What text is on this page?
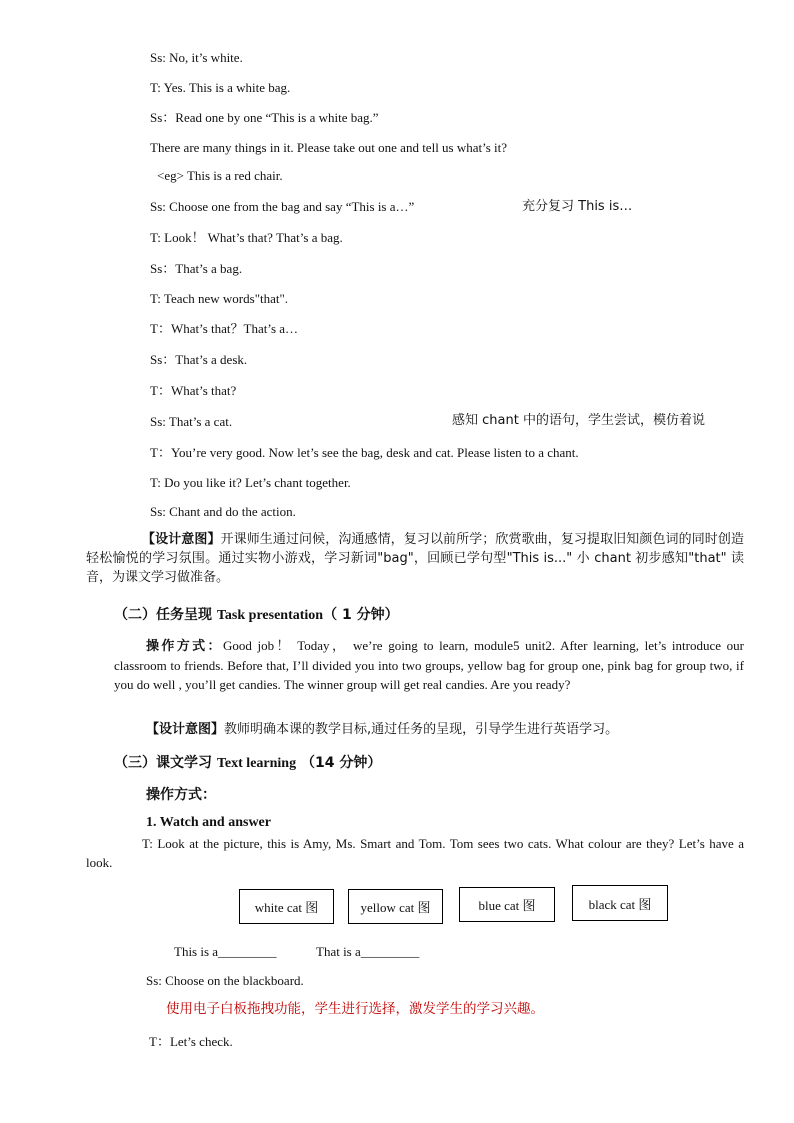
Ss: No, it’s white.
T: Yes. This is a white bag.
Ss：Read one by one “This is a white bag.”
There are many things in it. Please take out one and tell us what’s it?
<eg> This is a red chair.
Ss: Choose one from the bag and say “This is a…”	充分复习 This is…
T: Look！ What’s that? That’s a bag.
Ss：That’s a bag.
T: Teach new words"that".
T：What’s that？That’s a…
Ss：That’s a desk.
T：What’s that?
Ss: That’s a cat.	感知 chant 中的语句，学生尝试，模仿着说
T：You’re very good. Now let’s see the bag, desk and cat. Please listen to a chant.
T: Do you like it? Let’s chant together.
Ss: Chant and do the action.
【设计意图】开课师生通过问候，沟通感情，复习以前所学；欣赏歌曲，复习提取旧知颜色词的同时创造轻松愉悦的学习氛围。通过实物小游戏，学习新词"bag"，回顾已学句型"This is..." 小 chant 初步感知"that" 读音，为课文学习做准备。
（二）任务呈现 Task presentation（ 1 分钟）
操作方式：Good job！ Today， we’re going to learn, module5 unit2. After learning, let’s introduce our classroom to friends. Before that, I’ll divided you into two groups, yellow bag for group one, pink bag for group two, if you do well , you’ll get candies. The winner group will get real candies. Are you ready?
【设计意图】教师明确本课的教学目标,通过任务的呈现，引导学生进行英语学习。
（三）课文学习 Text learning （14 分钟）
操作方式：
1. Watch and answer
T: Look at the picture, this is Amy, Ms. Smart and Tom. Tom sees two cats. What colour are they? Let’s have a look.
white cat 图	yellow cat 图	blue cat 图	black cat 图
This is a_________	That is a_________
Ss: Choose on the blackboard.
使用电子白板拖拽功能，学生进行选择，激发学生的学习兴趣。
T：Let’s check.
